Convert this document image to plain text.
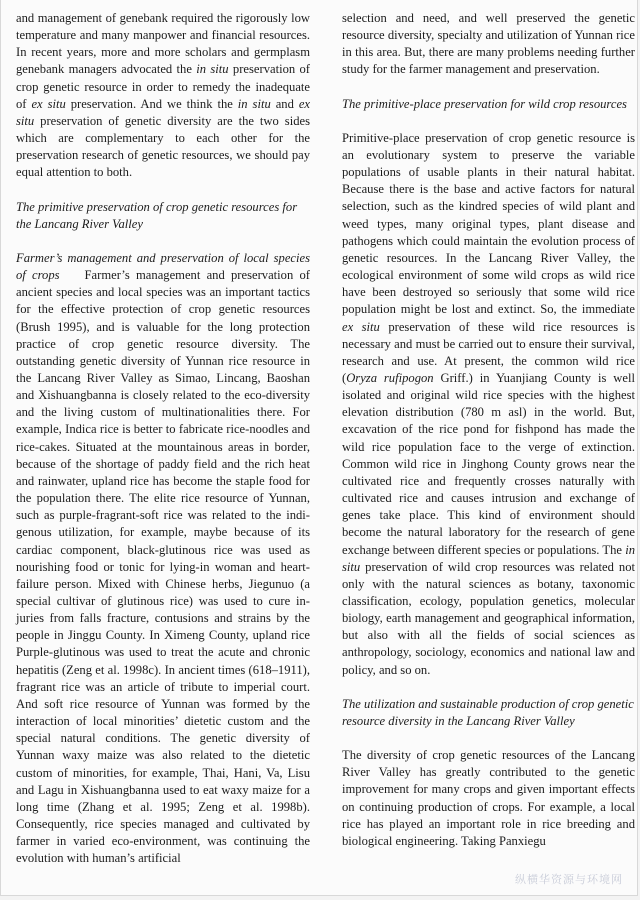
and management of genebank required the rigorously low temperature and many manpower and financial resources. In recent years, more and more scholars and germplasm genebank managers advocated the in situ preservation of crop genetic resource in order to remedy the inadequate of ex situ preservation. And we think the in situ and ex situ preservation of genetic diversity are the two sides which are complementary to each other for the preservation research of genetic resources, we should pay equal attention to both.

The primitive preservation of crop genetic resources for the Lancang River Valley

Farmer’s management and preservation of local species of crops Farmer’s management and preservation of ancient species and local species was an important tactics for the effective protection of crop genetic resources (Brush 1995), and is valuable for the long protection practice of crop genetic resource diversity. The outstanding genetic diversity of Yunnan rice resource in the Lancang River Valley as Simao, Lincang, Baoshan and Xishuangbanna is closely related to the eco-diversity and the living custom of multinationalities there. For example, Indica rice is better to fabricate rice-noodles and rice-cakes. Situated at the mountainous areas in border, because of the shortage of paddy field and the rich heat and rainwater, upland rice has become the staple food for the population there. The elite rice resource of Yunnan, such as purple-fragrant-soft rice was related to the indigenous utilization, for example, maybe because of its cardiac component, black-glutinous rice was used as nourishing food or tonic for lying-in woman and heart-failure person. Mixed with Chinese herbs, Jiegunuo (a special cultivar of glutinous rice) was used to cure injuries from falls fracture, contusions and strains by the people in Jinggu County. In Ximeng County, upland rice Purple-glutinous was used to treat the acute and chronic hepatitis (Zeng et al. 1998c). In ancient times (618–1911), fragrant rice was an article of tribute to imperial court. And soft rice resource of Yunnan was formed by the interaction of local minorities’ dietetic custom and the special natural conditions. The genetic diversity of Yunnan waxy maize was also related to the dietetic custom of minorities, for example, Thai, Hani, Va, Lisu and Lagu in Xishuangbanna used to eat waxy maize for a long time (Zhang et al. 1995; Zeng et al. 1998b). Consequently, rice species managed and cultivated by farmer in varied eco-environment, was continuing the evolution with human’s artificial

selection and need, and well preserved the genetic resource diversity, specialty and utilization of Yunnan rice in this area. But, there are many problems needing further study for the farmer management and preservation.

The primitive-place preservation for wild crop resources

Primitive-place preservation of crop genetic resource is an evolutionary system to preserve the variable populations of usable plants in their natural habitat. Because there is the base and active factors for natural selection, such as the kindred species of wild plant and weed types, many original types, plant disease and pathogens which could maintain the evolution process of genetic resources. In the Lancang River Valley, the ecological environment of some wild crops as wild rice have been destroyed so seriously that some wild rice population might be lost and extinct. So, the immediate ex situ preservation of these wild rice resources is necessary and must be carried out to ensure their survival, research and use. At present, the common wild rice (Oryza rufipogon Griff.) in Yuanjiang County is well isolated and original wild rice species with the highest elevation distribution (780 m asl) in the world. But, excavation of the rice pond for fishpond has made the wild rice population face to the verge of extinction. Common wild rice in Jinghong County grows near the cultivated rice and frequently crosses naturally with cultivated rice and causes intrusion and exchange of genes take place. This kind of environment should become the natural laboratory for the research of gene exchange between different species or populations. The in situ preservation of wild crop resources was related not only with the natural sciences as botany, taxonomic classification, ecology, population genetics, molecular biology, earth management and geographical information, but also with all the fields of social sciences as anthropology, sociology, economics and national law and policy, and so on.

The utilization and sustainable production of crop genetic resource diversity in the Lancang River Valley

The diversity of crop genetic resources of the Lancang River Valley has greatly contributed to the genetic improvement for many crops and given important effects on continuing production of crops. For example, a local rice has played an important role in rice breeding and biological engineering. Taking Panxiegu

纵横华资源与环境网
